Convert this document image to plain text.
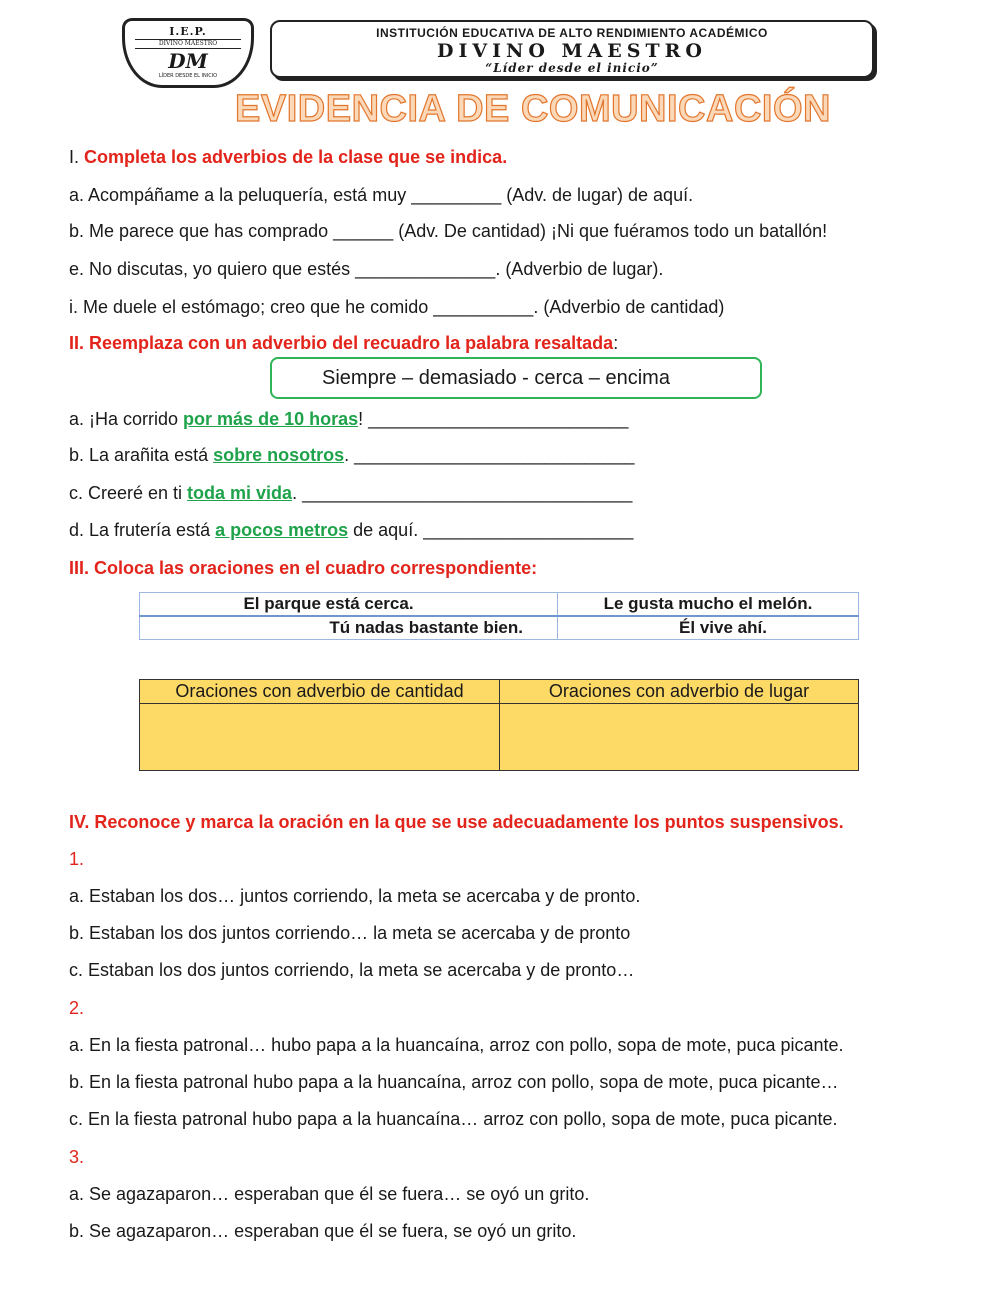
I.E.P.
DIVINO MAESTRO
DM
LÍDER DESDE EL INICIO
INSTITUCIÓN EDUCATIVA DE ALTO RENDIMIENTO ACADÉMICO
DIVINO MAESTRO
“Líder desde el inicio”
EVIDENCIA DE COMUNICACIÓN
I. Completa los adverbios de la clase que se indica.
a. Acompáñame a la peluquería, está muy _________ (Adv. de lugar) de aquí.
b. Me parece que has comprado ______ (Adv. De cantidad) ¡Ni que fuéramos todo un batallón!
e. No discutas, yo quiero que estés ______________. (Adverbio de lugar).
i. Me duele el estómago; creo que he comido __________. (Adverbio de cantidad)
II. Reemplaza con un adverbio del recuadro la palabra resaltada:
Siempre – demasiado - cerca – encima
a. ¡Ha corrido por más de 10 horas! __________________________
b. La arañita está sobre nosotros. ____________________________
c. Creeré en ti toda mi vida. _________________________________
d. La frutería está a pocos metros de aquí. _____________________
III. Coloca las oraciones en el cuadro correspondiente:
El parque está cerca.	Le gusta mucho el melón.
Tú nadas bastante bien.	Él vive ahí.
Oraciones con adverbio de cantidad	Oraciones con adverbio de lugar

IV. Reconoce y marca la oración en la que se use adecuadamente los puntos suspensivos.
1.
a. Estaban los dos… juntos corriendo, la meta se acercaba y de pronto.
b. Estaban los dos juntos corriendo… la meta se acercaba y de pronto
c. Estaban los dos juntos corriendo, la meta se acercaba y de pronto…
2.
a. En la fiesta patronal… hubo papa a la huancaína, arroz con pollo, sopa de mote, puca picante.
b. En la fiesta patronal hubo papa a la huancaína, arroz con pollo, sopa de mote, puca picante…
c. En la fiesta patronal hubo papa a la huancaína… arroz con pollo, sopa de mote, puca picante.
3.
a. Se agazaparon… esperaban que él se fuera… se oyó un grito.
b. Se agazaparon… esperaban que él se fuera, se oyó un grito.
